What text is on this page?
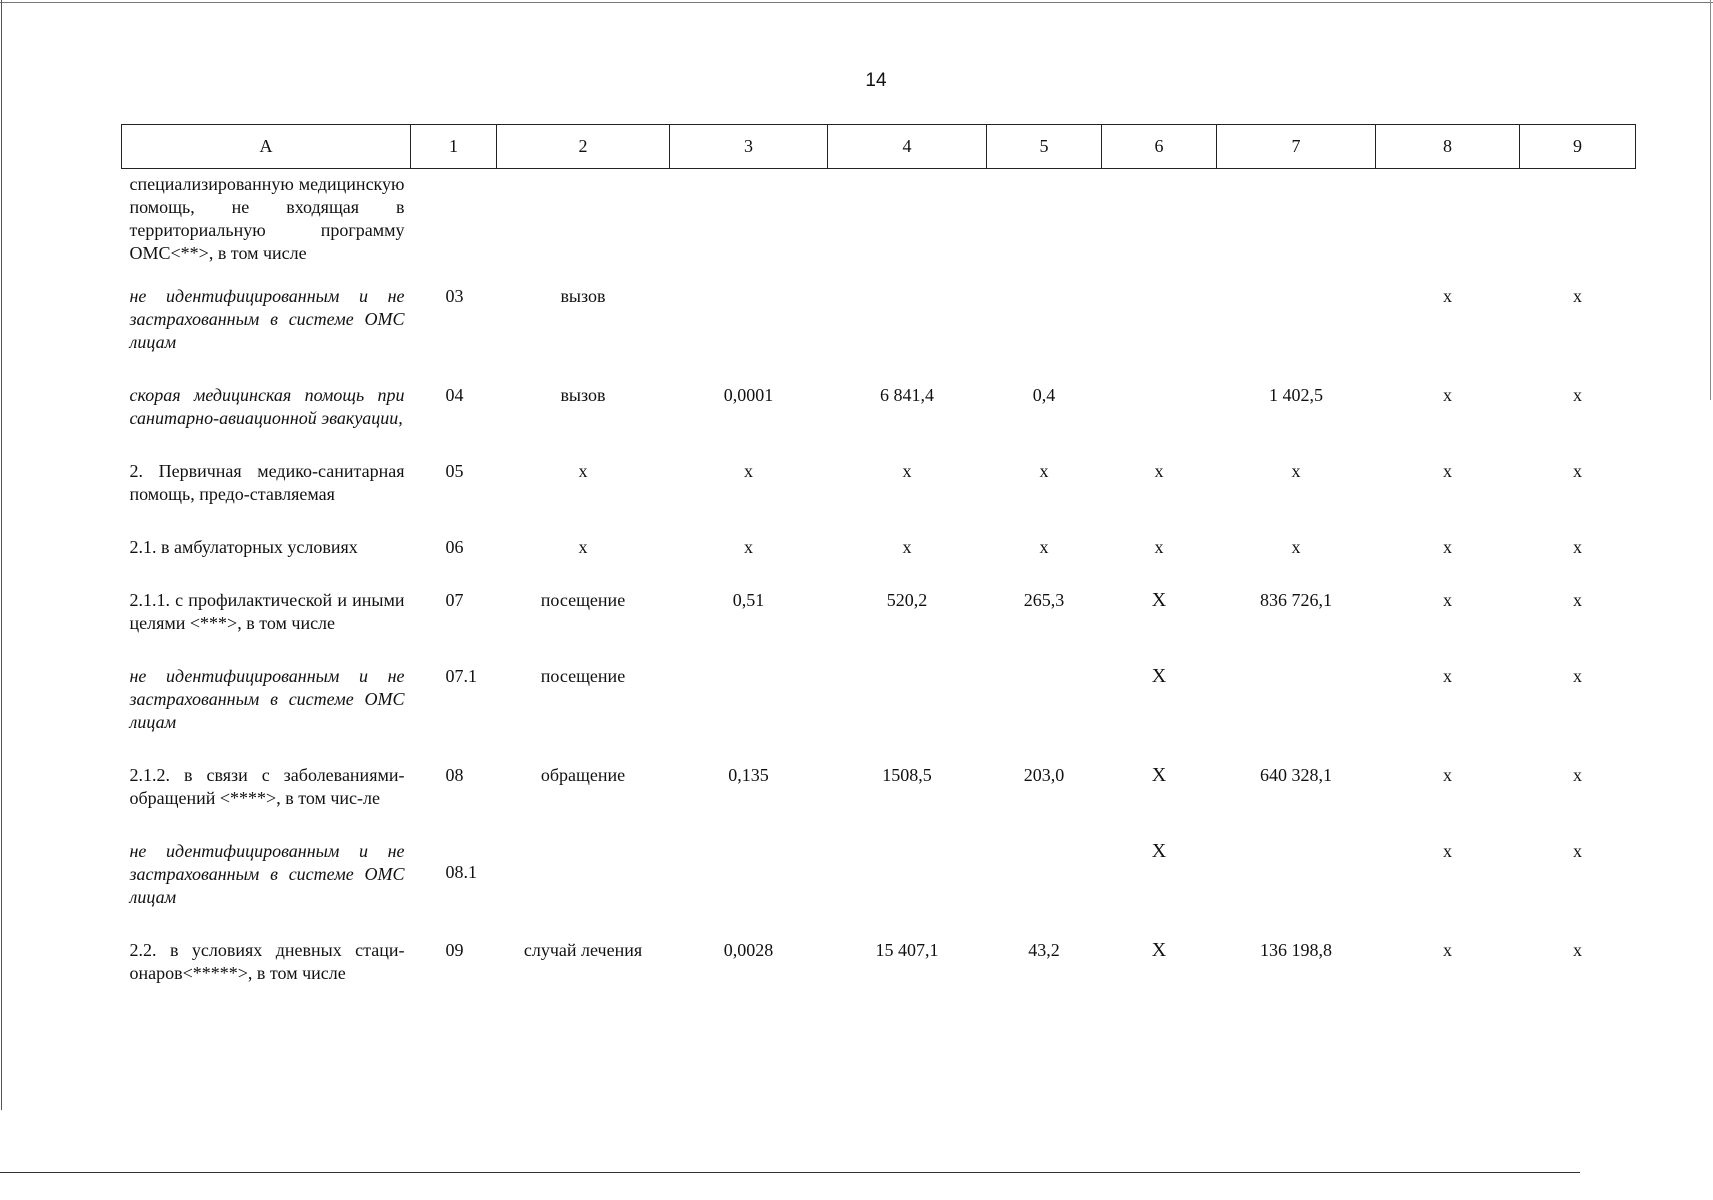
14
А	1	2	3	4	5	6	7	8	9
специализированную медицинскую помощь, не входящая в территориальную программу ОМС<**>, в том числе									
не идентифицированным и не застрахованным в системе ОМС лицам	03	вызов						х	х
скорая медицинская помощь при санитарно-авиационной эвакуации,	04	вызов	0,0001	6 841,4	0,4		1 402,5	х	х
2. Первичная медико-санитарная помощь, предо-ставляемая	05	х	х	х	х	х	х	х	х
2.1. в амбулаторных условиях	06	х	х	х	х	х	х	х	х
2.1.1. с профилактической и иными целями <***>, в том числе	07	посещение	0,51	520,2	265,3	Х	836 726,1	х	х
не идентифицированным и не застрахованным в системе ОМС лицам	07.1	посещение				Х		х	х
2.1.2. в связи с заболеваниями-обращений <****>, в том чис-ле	08	обращение	0,135	1508,5	203,0	Х	640 328,1	х	х
не идентифицированным и не застрахованным в системе ОМС лицам	08.1					Х		х	х
2.2. в условиях дневных стаци-онаров<*****>, в том числе	09	случай лечения	0,0028	15 407,1	43,2	Х	136 198,8	х	х
